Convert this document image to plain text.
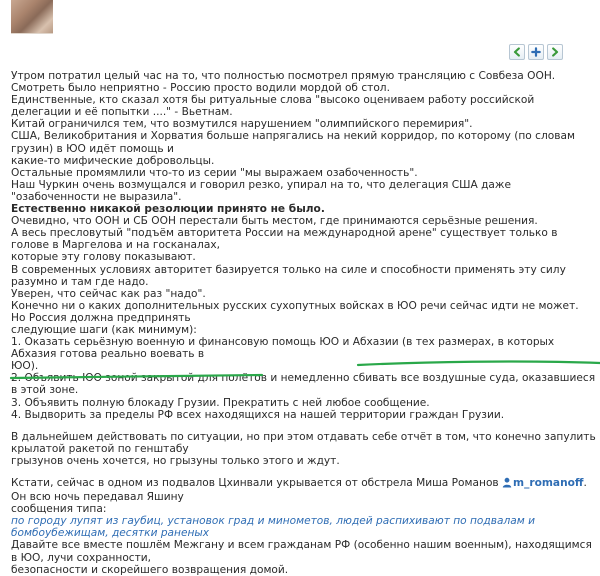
Утром потратил целый час на то, что полностью посмотрел прямую трансляцию с Совбеза ООН.

Смотреть было неприятно - Россию просто водили мордой об стол.

Единственные, кто сказал хотя бы ритуальные слова "высоко оцениваем работу российской делегации и её попытки ...." - Вьетнам.

Китай ограничился тем, что возмутился нарушением "олимпийского перемирия".

США, Великобритания и Хорватия больше напрягались на некий корридор, по которому (по словам грузин) в ЮО идёт помощь и

какие-то мифические добровольцы.

Остальные промямлили что-то из серии "мы выражаем озабоченность".

Наш Чуркин очень возмущался и говорил резко, упирал на то, что делегация США даже "озабоченности не выразила".

Естественно никакой резолюции принято не было.

Очевидно, что ООН и СБ ООН перестали быть местом, где принимаются серьёзные решения.

А весь пресловутый "подъём авторитета России на международной арене" существует только в голове в Маргелова и на госканалах,

которые эту голову показывают.

В современных условиях авторитет базируется только на силе и способности применять эту силу разумно и там где надо.

Уверен, что сейчас как раз "надо".

Конечно ни о каких дополнительных русских сухопутных войсках в ЮО речи сейчас идти не может. Но Россия должна предпринять

следующие шаги (как минимум):

1. Оказать серьёзную военную и финансовую помощь ЮО и Абхазии (в тех размерах, в которых Абхазия готова реально воевать в

ЮО).

2. Объявить ЮО зоной закрытой для полётов и немедленно сбивать все воздушные суда, оказавшиеся в этой зоне.

3. Объявить полную блокаду Грузии. Прекратить с ней любое сообщение.

4. Выдворить за пределы РФ всех находящихся на нашей территории граждан Грузии.

В дальнейшем действовать по ситуации, но при этом отдавать себе отчёт в том, что конечно запулить крылатой ракетой по генштабу

грызунов очень хочется, но грызуны только этого и ждут.

Кстати, сейчас в одном из подвалов Цхинвали укрывается от обстрела Миша Романов m_romanoff. Он всю ночь передавал Яшину

сообщения типа:

по городу лупят из гаубиц, установок град и минометов, людей распихивают по подвалам и бомбоубежищам, десятки раненых

Давайте все вместе пошлём Межгану и всем гражданам РФ (особенно нашим военным), находящимся в ЮО, лучи сохранности,

безопасности и скорейшего возвращения домой.
